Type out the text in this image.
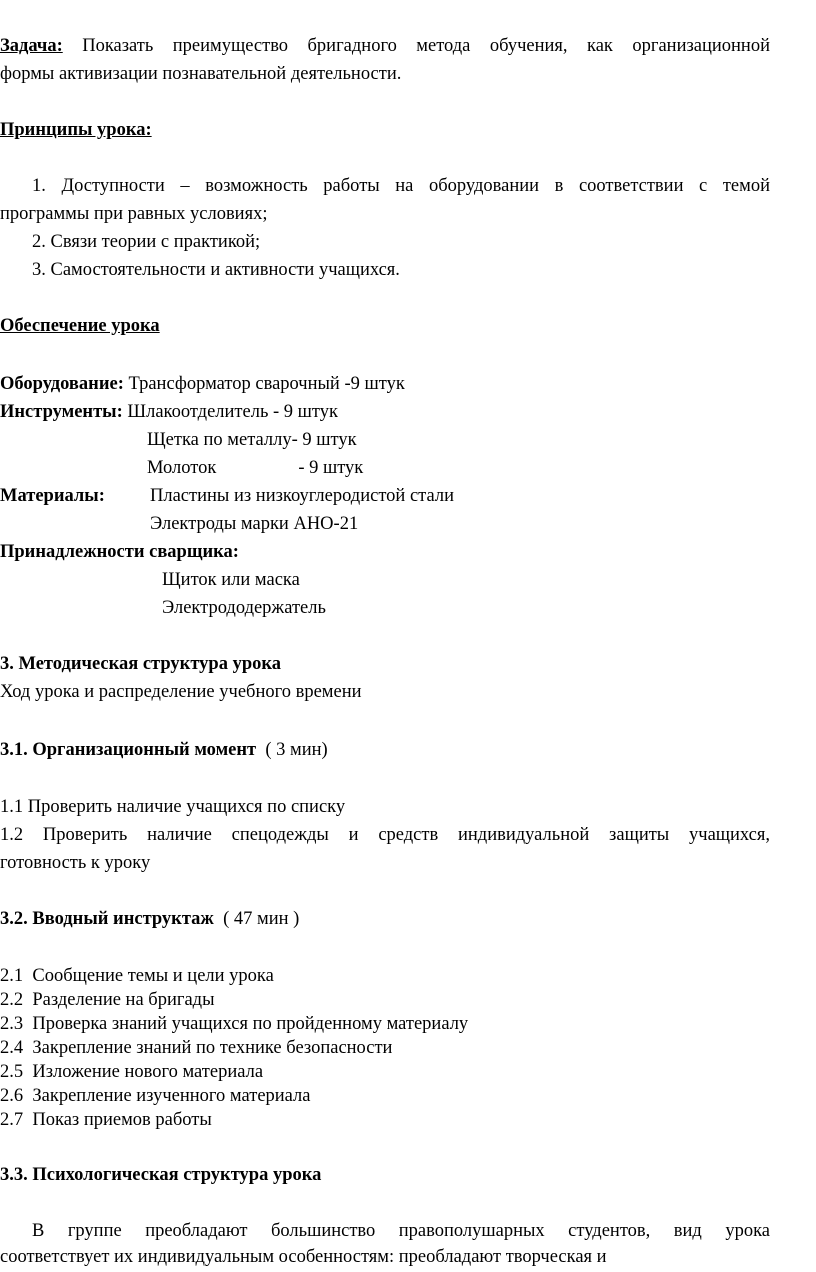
Задача: Показать преимущество бригадного метода обучения, как организационной
формы активизации познавательной деятельности.
Принципы урока:
1. Доступности – возможность работы на оборудовании в соответствии с темой
программы при равных условиях;
2. Связи теории с практикой;
3. Самостоятельности и активности учащихся.
Обеспечение урока
Оборудование: Трансформатор сварочный -9 штук
Инструменты: Шлакоотделитель - 9 штук
Щетка по металлу- 9 штук
Молоток	- 9 штук
Материалы: Пластины из низкоуглеродистой стали
Электроды марки АНО-21
Принадлежности сварщика:
Щиток или маска
Электрододержатель
3. Методическая структура урока
Ход урока и распределение учебного времени
3.1. Организационный момент ( 3 мин)
1.1 Проверить наличие учащихся по списку
1.2 Проверить наличие спецодежды и средств индивидуальной защиты учащихся,
готовность к уроку
3.2. Вводный инструктаж ( 47 мин )
2.1 Сообщение темы и цели урока
2.2 Разделение на бригады
2.3 Проверка знаний учащихся по пройденному материалу
2.4 Закрепление знаний по технике безопасности
2.5 Изложение нового материала
2.6 Закрепление изученного материала
2.7 Показ приемов работы
3.3. Психологическая структура урока
В группе преобладают большинство правополушарных студентов, вид урока
соответствует их индивидуальным особенностям: преобладают творческая и
